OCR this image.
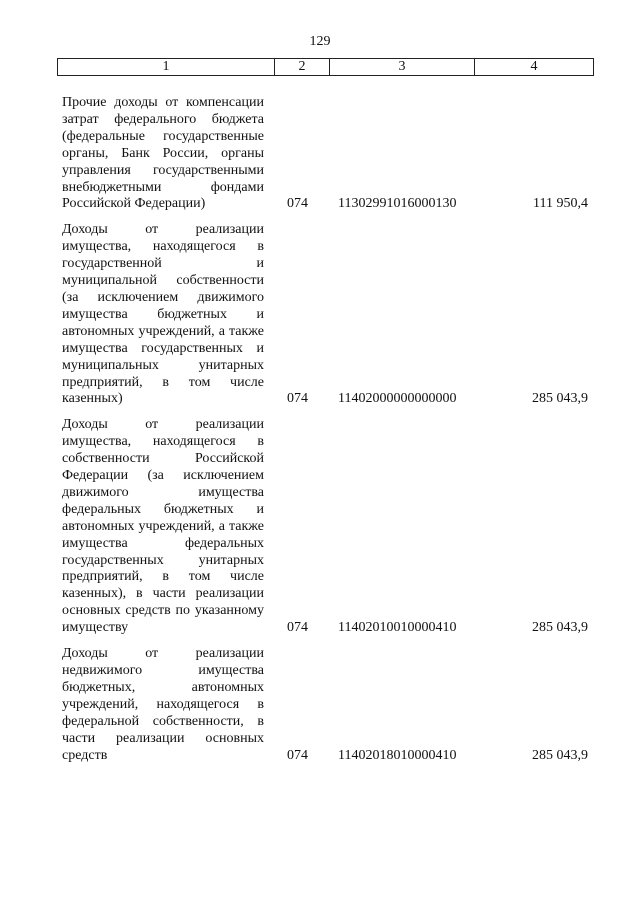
129
1	2	3	4
Прочие доходы от компенсации затрат федерального бюджета (федеральные государственные органы, Банк России, органы управления государственными внебюджетными фондами Российской Федерации)	074 11302991016000130	111 950,4
Доходы от реализации имущества, находящегося в государственной и муниципальной собственности (за исключением движимого имущества бюджетных и автономных учреждений, а также имущества государственных и муниципальных унитарных предприятий, в том числе казенных)	074 11402000000000000	285 043,9
Доходы от реализации имущества, находящегося в собственности Российской Федерации (за исключением движимого имущества федеральных бюджетных и автономных учреждений, а также имущества федеральных государственных унитарных предприятий, в том числе казенных), в части реализации основных средств по указанному имуществу	074 11402010010000410	285 043,9
Доходы от реализации недвижимого имущества бюджетных, автономных учреждений, находящегося в федеральной собственности, в части реализации основных средств	074 11402018010000410	285 043,9
